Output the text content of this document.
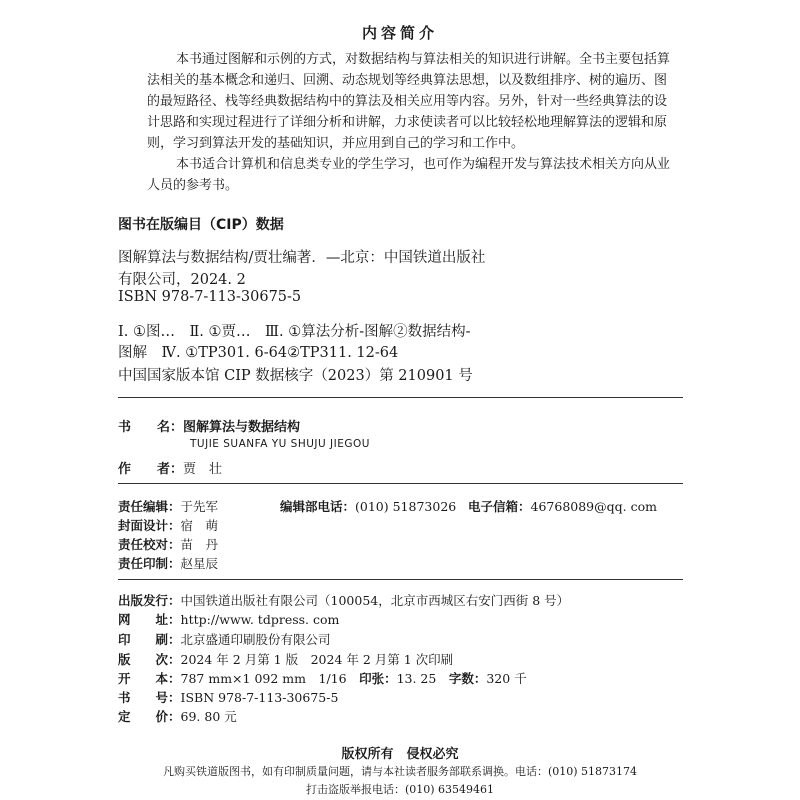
内容简介
本书通过图解和示例的方式，对数据结构与算法相关的知识进行讲解。全书主要包括算
法相关的基本概念和递归、回溯、动态规划等经典算法思想，以及数组排序、树的遍历、图
的最短路径、栈等经典数据结构中的算法及相关应用等内容。另外，针对一些经典算法的设
计思路和实现过程进行了详细分析和讲解，力求使读者可以比较轻松地理解算法的逻辑和原
则，学习到算法开发的基础知识，并应用到自己的学习和工作中。
本书适合计算机和信息类专业的学生学习，也可作为编程开发与算法技术相关方向从业
人员的参考书。
图书在版编目（CIP）数据
图解算法与数据结构/贾壮编著．—北京：中国铁道出版社
有限公司，2024. 2
ISBN 978-7-113-30675-5
Ⅰ. ①图…　Ⅱ. ①贾…　Ⅲ. ①算法分析-图解②数据结构-
图解　Ⅳ. ①TP301. 6-64②TP311. 12-64
中国国家版本馆 CIP 数据核字（2023）第 210901 号
书　　名：图解算法与数据结构
TUJIE SUANFA YU SHUJU JIEGOU
作　　者：贾　壮
责任编辑：于先军	编辑部电话：(010) 51873026 电子信箱：46768089@qq. com
封面设计：宿　萌
责任校对：苗　丹
责任印制：赵星辰
出版发行：中国铁道出版社有限公司（100054，北京市西城区右安门西街 8 号）
网　　址：http://www. tdpress. com
印　　刷：北京盛通印刷股份有限公司
版　　次：2024 年 2 月第 1 版　2024 年 2 月第 1 次印刷
开　　本：787 mm×1 092 mm　1/16　印张：13. 25　字数：320 千
书　　号：ISBN 978-7-113-30675-5
定　　价：69. 80 元
版权所有　侵权必究
凡购买铁道版图书，如有印制质量问题，请与本社读者服务部联系调换。电话：(010) 51873174
打击盗版举报电话：(010) 63549461
